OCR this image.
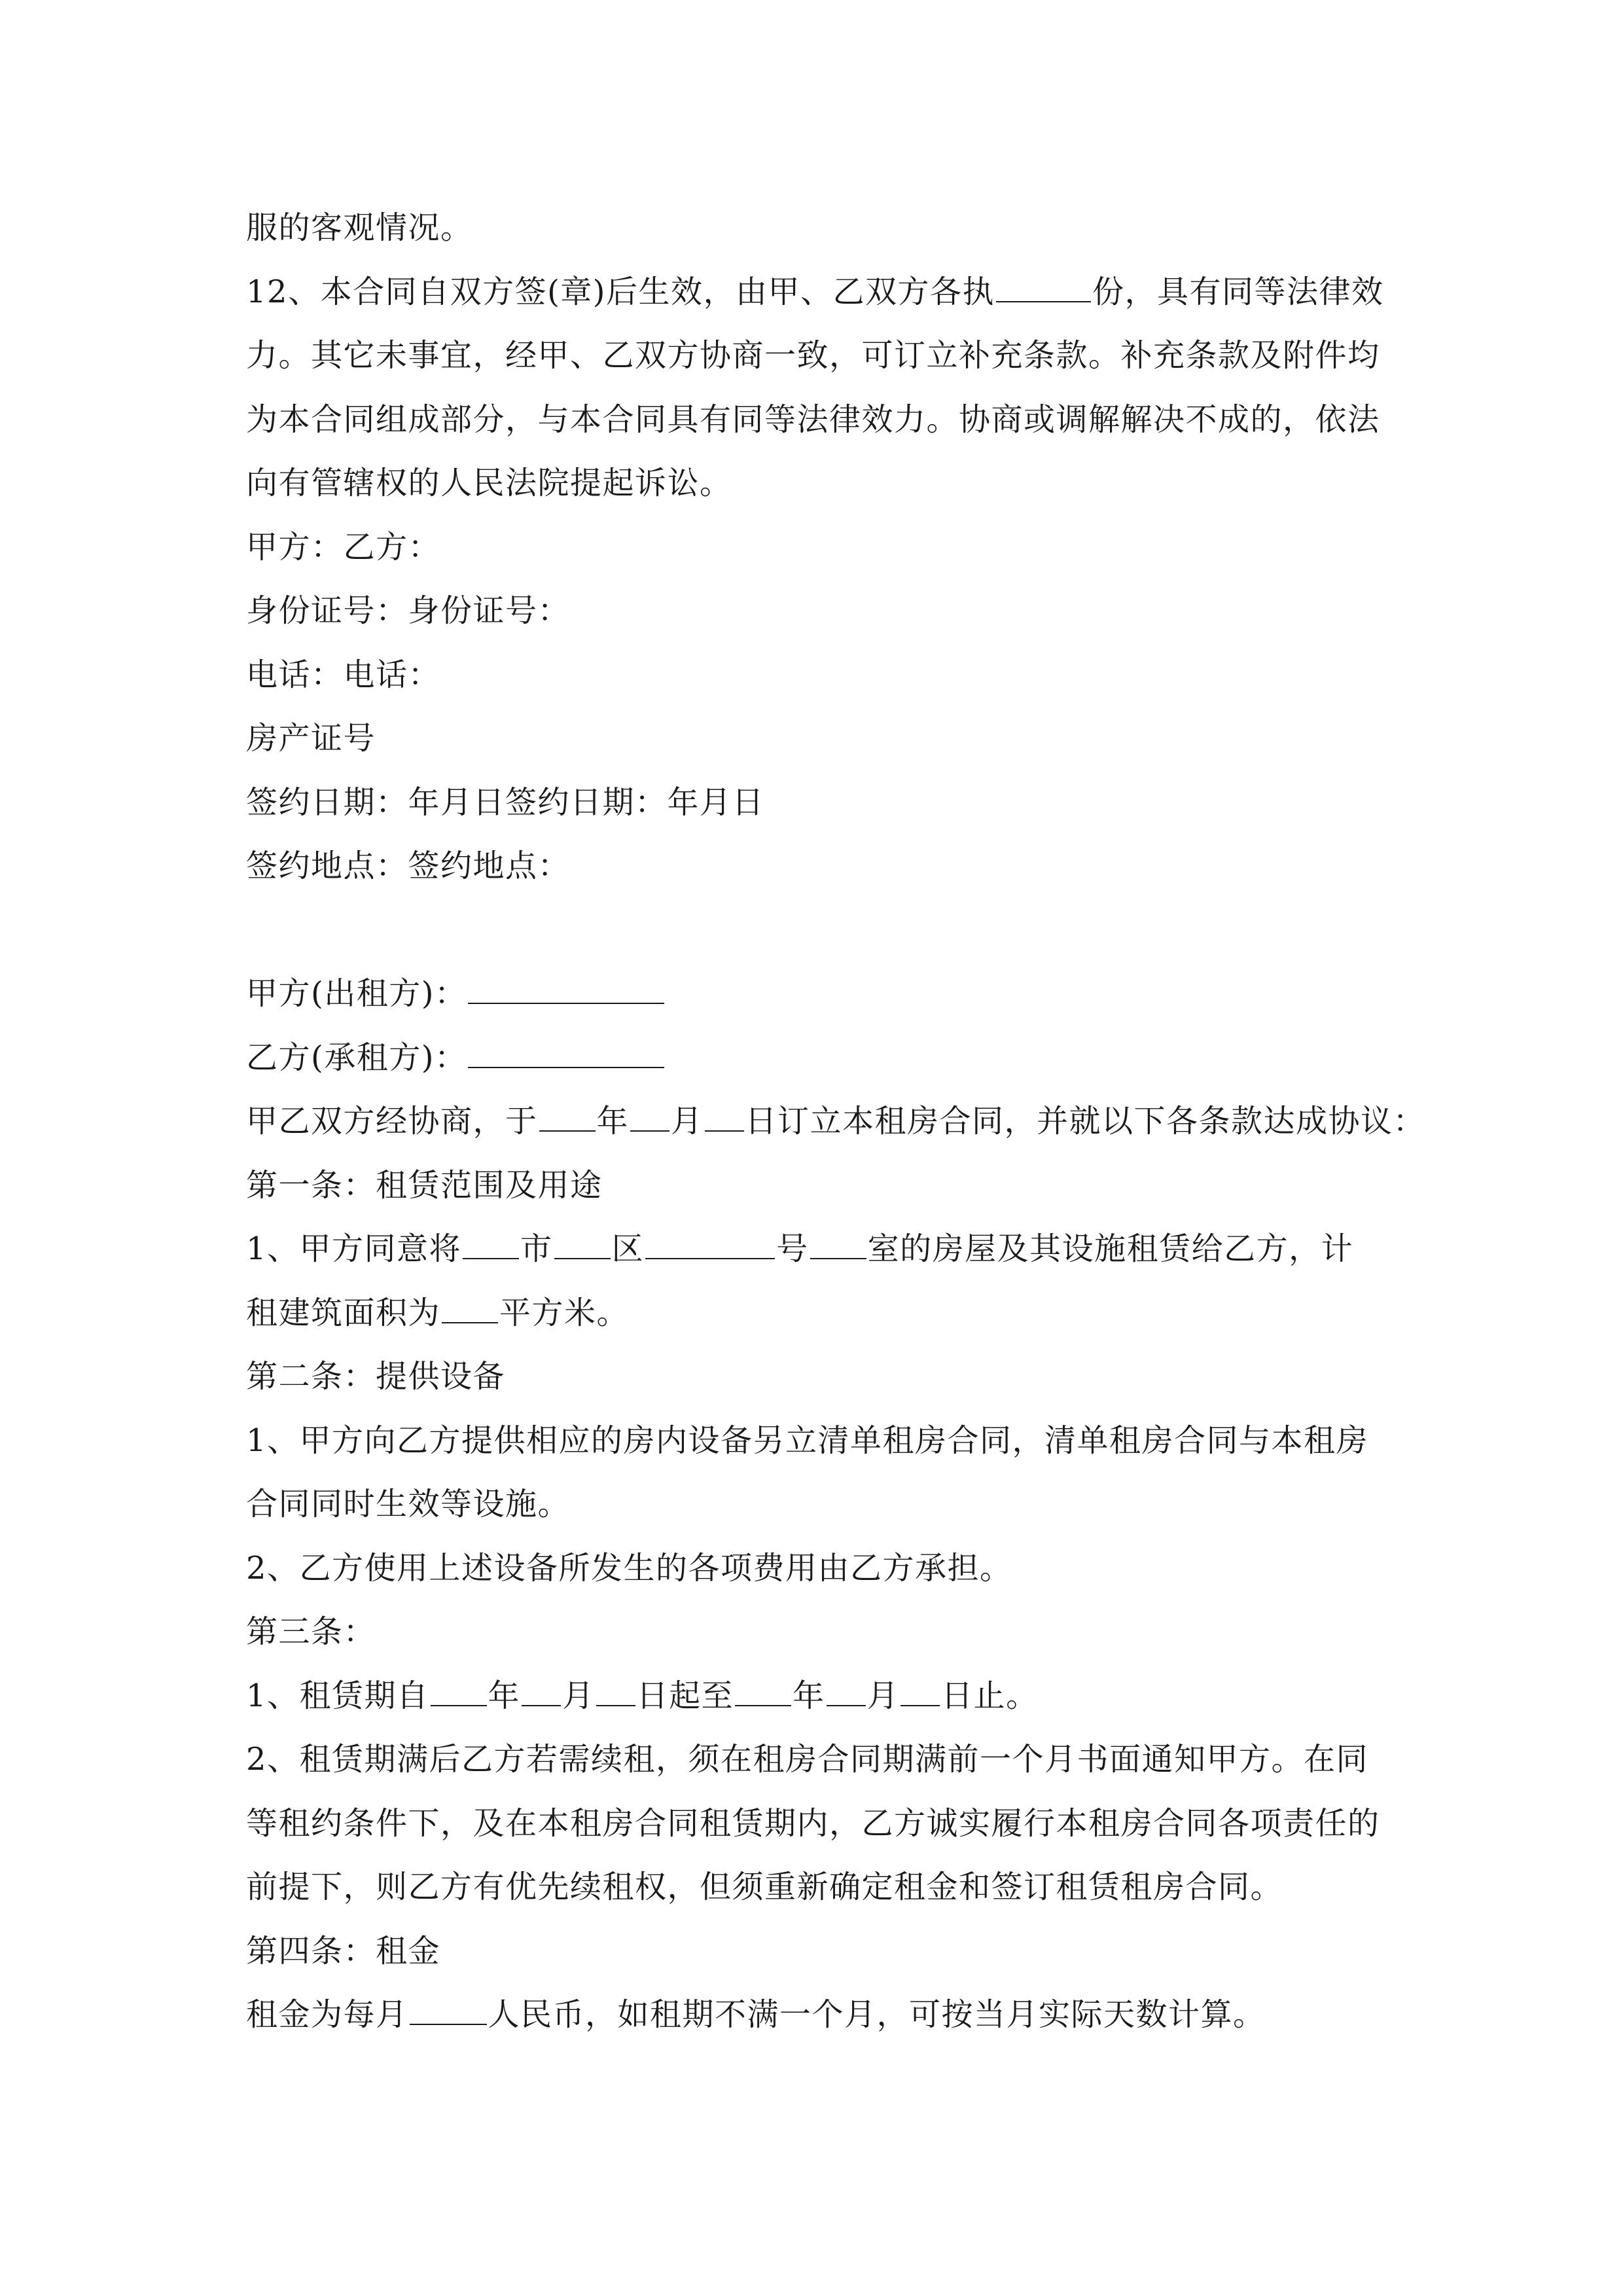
服的客观情况。
12、本合同自双方签(章)后生效，由甲、乙双方各执	份，具有同等法律效
力。其它未事宜，经甲、乙双方协商一致，可订立补充条款。补充条款及附件均
为本合同组成部分，与本合同具有同等法律效力。协商或调解解决不成的，依法
向有管辖权的人民法院提起诉讼。
甲方：乙方：
身份证号：身份证号：
电话：电话：
房产证号
签约日期：年月日签约日期：年月日
签约地点：签约地点：
甲方(出租方)：
乙方(承租方)：
甲乙双方经协商，于 年 月 日订立本租房合同，并就以下各条款达成协议：
第一条：租赁范围及用途
1、甲方同意将 市 区	号 室的房屋及其设施租赁给乙方，计
租建筑面积为 平方米。
第二条：提供设备
1、甲方向乙方提供相应的房内设备另立清单租房合同，清单租房合同与本租房
合同同时生效等设施。
2、乙方使用上述设备所发生的各项费用由乙方承担。
第三条：
1、租赁期自 年 月 日起至 年 月 日止。
2、租赁期满后乙方若需续租，须在租房合同期满前一个月书面通知甲方。在同
等租约条件下，及在本租房合同租赁期内，乙方诚实履行本租房合同各项责任的
前提下，则乙方有优先续租权，但须重新确定租金和签订租赁租房合同。
第四条：租金
租金为每月	人民币，如租期不满一个月，可按当月实际天数计算。
